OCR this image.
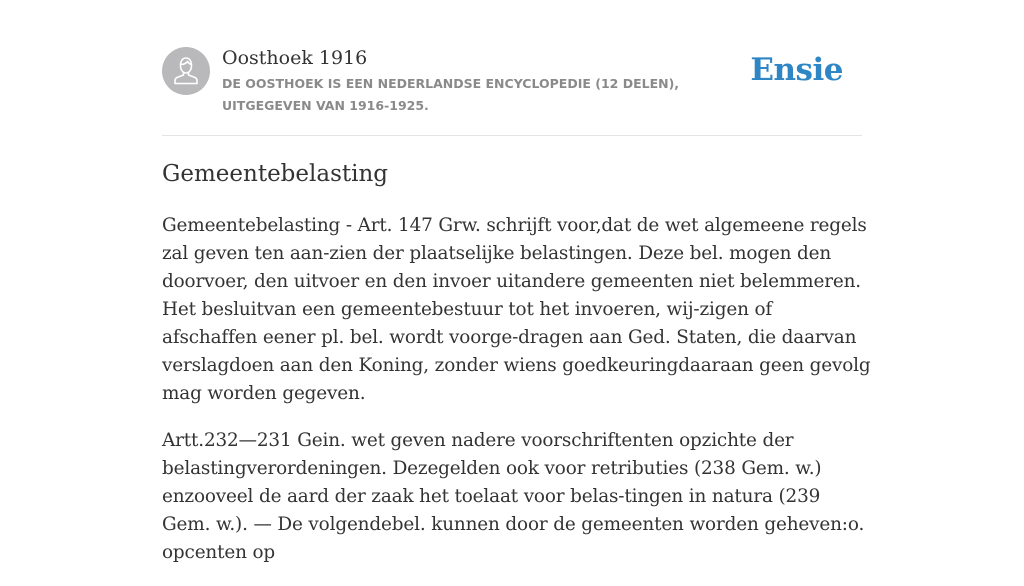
Oosthoek 1916
DE OOSTHOEK IS EEN NEDERLANDSE ENCYCLOPEDIE (12 DELEN), UITGEGEVEN VAN 1916-1925.
Ensie
Gemeentebelasting

Gemeentebelasting - Art. 147 Grw. schrijft voor,dat de wet algemeene regels zal geven ten aan-zien der plaatselijke belastingen. Deze bel. mogen den doorvoer, den uitvoer en den invoer uitandere gemeenten niet belemmeren. Het besluitvan een gemeentebestuur tot het invoeren, wij-zigen of afschaffen eener pl. bel. wordt voorge-dragen aan Ged. Staten, die daarvan verslagdoen aan den Koning, zonder wiens goedkeuringdaaraan geen gevolg mag worden gegeven.

Artt.232—231 Gein. wet geven nadere voorschriftenten opzichte der belastingverordeningen. Dezegelden ook voor retributies (238 Gem. w.) enzooveel de aard der zaak het toelaat voor belas-tingen in natura (239 Gem. w.). — De volgendebel. kunnen door de gemeenten worden geheven:o. opcenten op
